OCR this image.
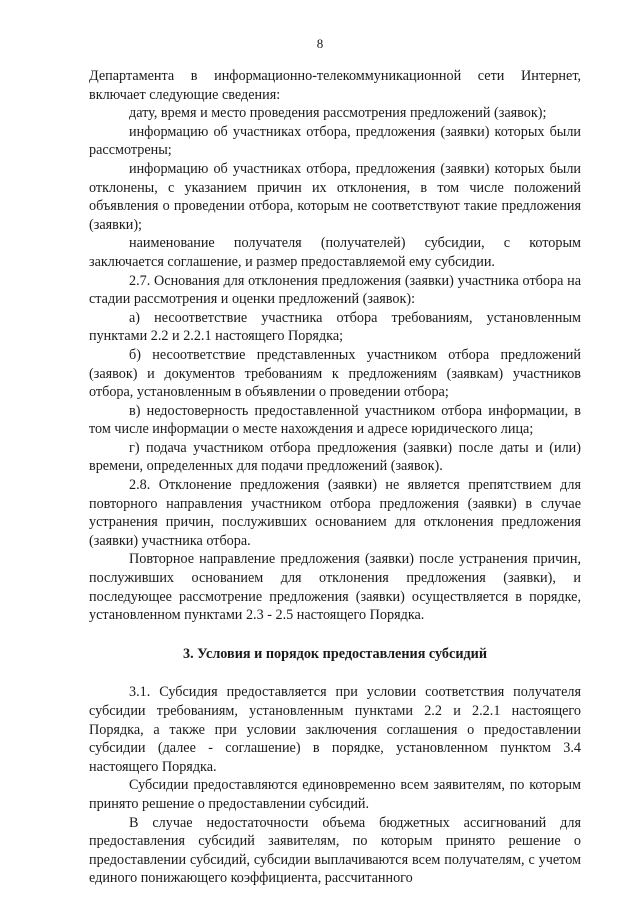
8

Департамента в информационно-телекоммуникационной сети Интернет, включает следующие сведения:

дату, время и место проведения рассмотрения предложений (заявок);

информацию об участниках отбора, предложения (заявки) которых были рассмотрены;

информацию об участниках отбора, предложения (заявки) которых были отклонены, с указанием причин их отклонения, в том числе положений объявления о проведении отбора, которым не соответствуют такие предложения (заявки);

наименование получателя (получателей) субсидии, с которым заключается соглашение, и размер предоставляемой ему субсидии.

2.7. Основания для отклонения предложения (заявки) участника отбора на стадии рассмотрения и оценки предложений (заявок):

а) несоответствие участника отбора требованиям, установленным пунктами 2.2 и 2.2.1 настоящего Порядка;

б) несоответствие представленных участником отбора предложений (заявок) и документов требованиям к предложениям (заявкам) участников отбора, установленным в объявлении о проведении отбора;

в) недостоверность предоставленной участником отбора информации, в том числе информации о месте нахождения и адресе юридического лица;

г) подача участником отбора предложения (заявки) после даты и (или) времени, определенных для подачи предложений (заявок).

2.8. Отклонение предложения (заявки) не является препятствием для повторного направления участником отбора предложения (заявки) в случае устранения причин, послуживших основанием для отклонения предложения (заявки) участника отбора.

Повторное направление предложения (заявки) после устранения причин, послуживших основанием для отклонения предложения (заявки), и последующее рассмотрение предложения (заявки) осуществляется в порядке, установленном пунктами 2.3 - 2.5 настоящего Порядка.

3. Условия и порядок предоставления субсидий

3.1. Субсидия предоставляется при условии соответствия получателя субсидии требованиям, установленным пунктами 2.2 и 2.2.1 настоящего Порядка, а также при условии заключения соглашения о предоставлении субсидии (далее - соглашение) в порядке, установленном пунктом 3.4 настоящего Порядка.

Субсидии предоставляются единовременно всем заявителям, по которым принято решение о предоставлении субсидий.

В случае недостаточности объема бюджетных ассигнований для предоставления субсидий заявителям, по которым принято решение о предоставлении субсидий, субсидии выплачиваются всем получателям, с учетом единого понижающего коэффициента, рассчитанного
